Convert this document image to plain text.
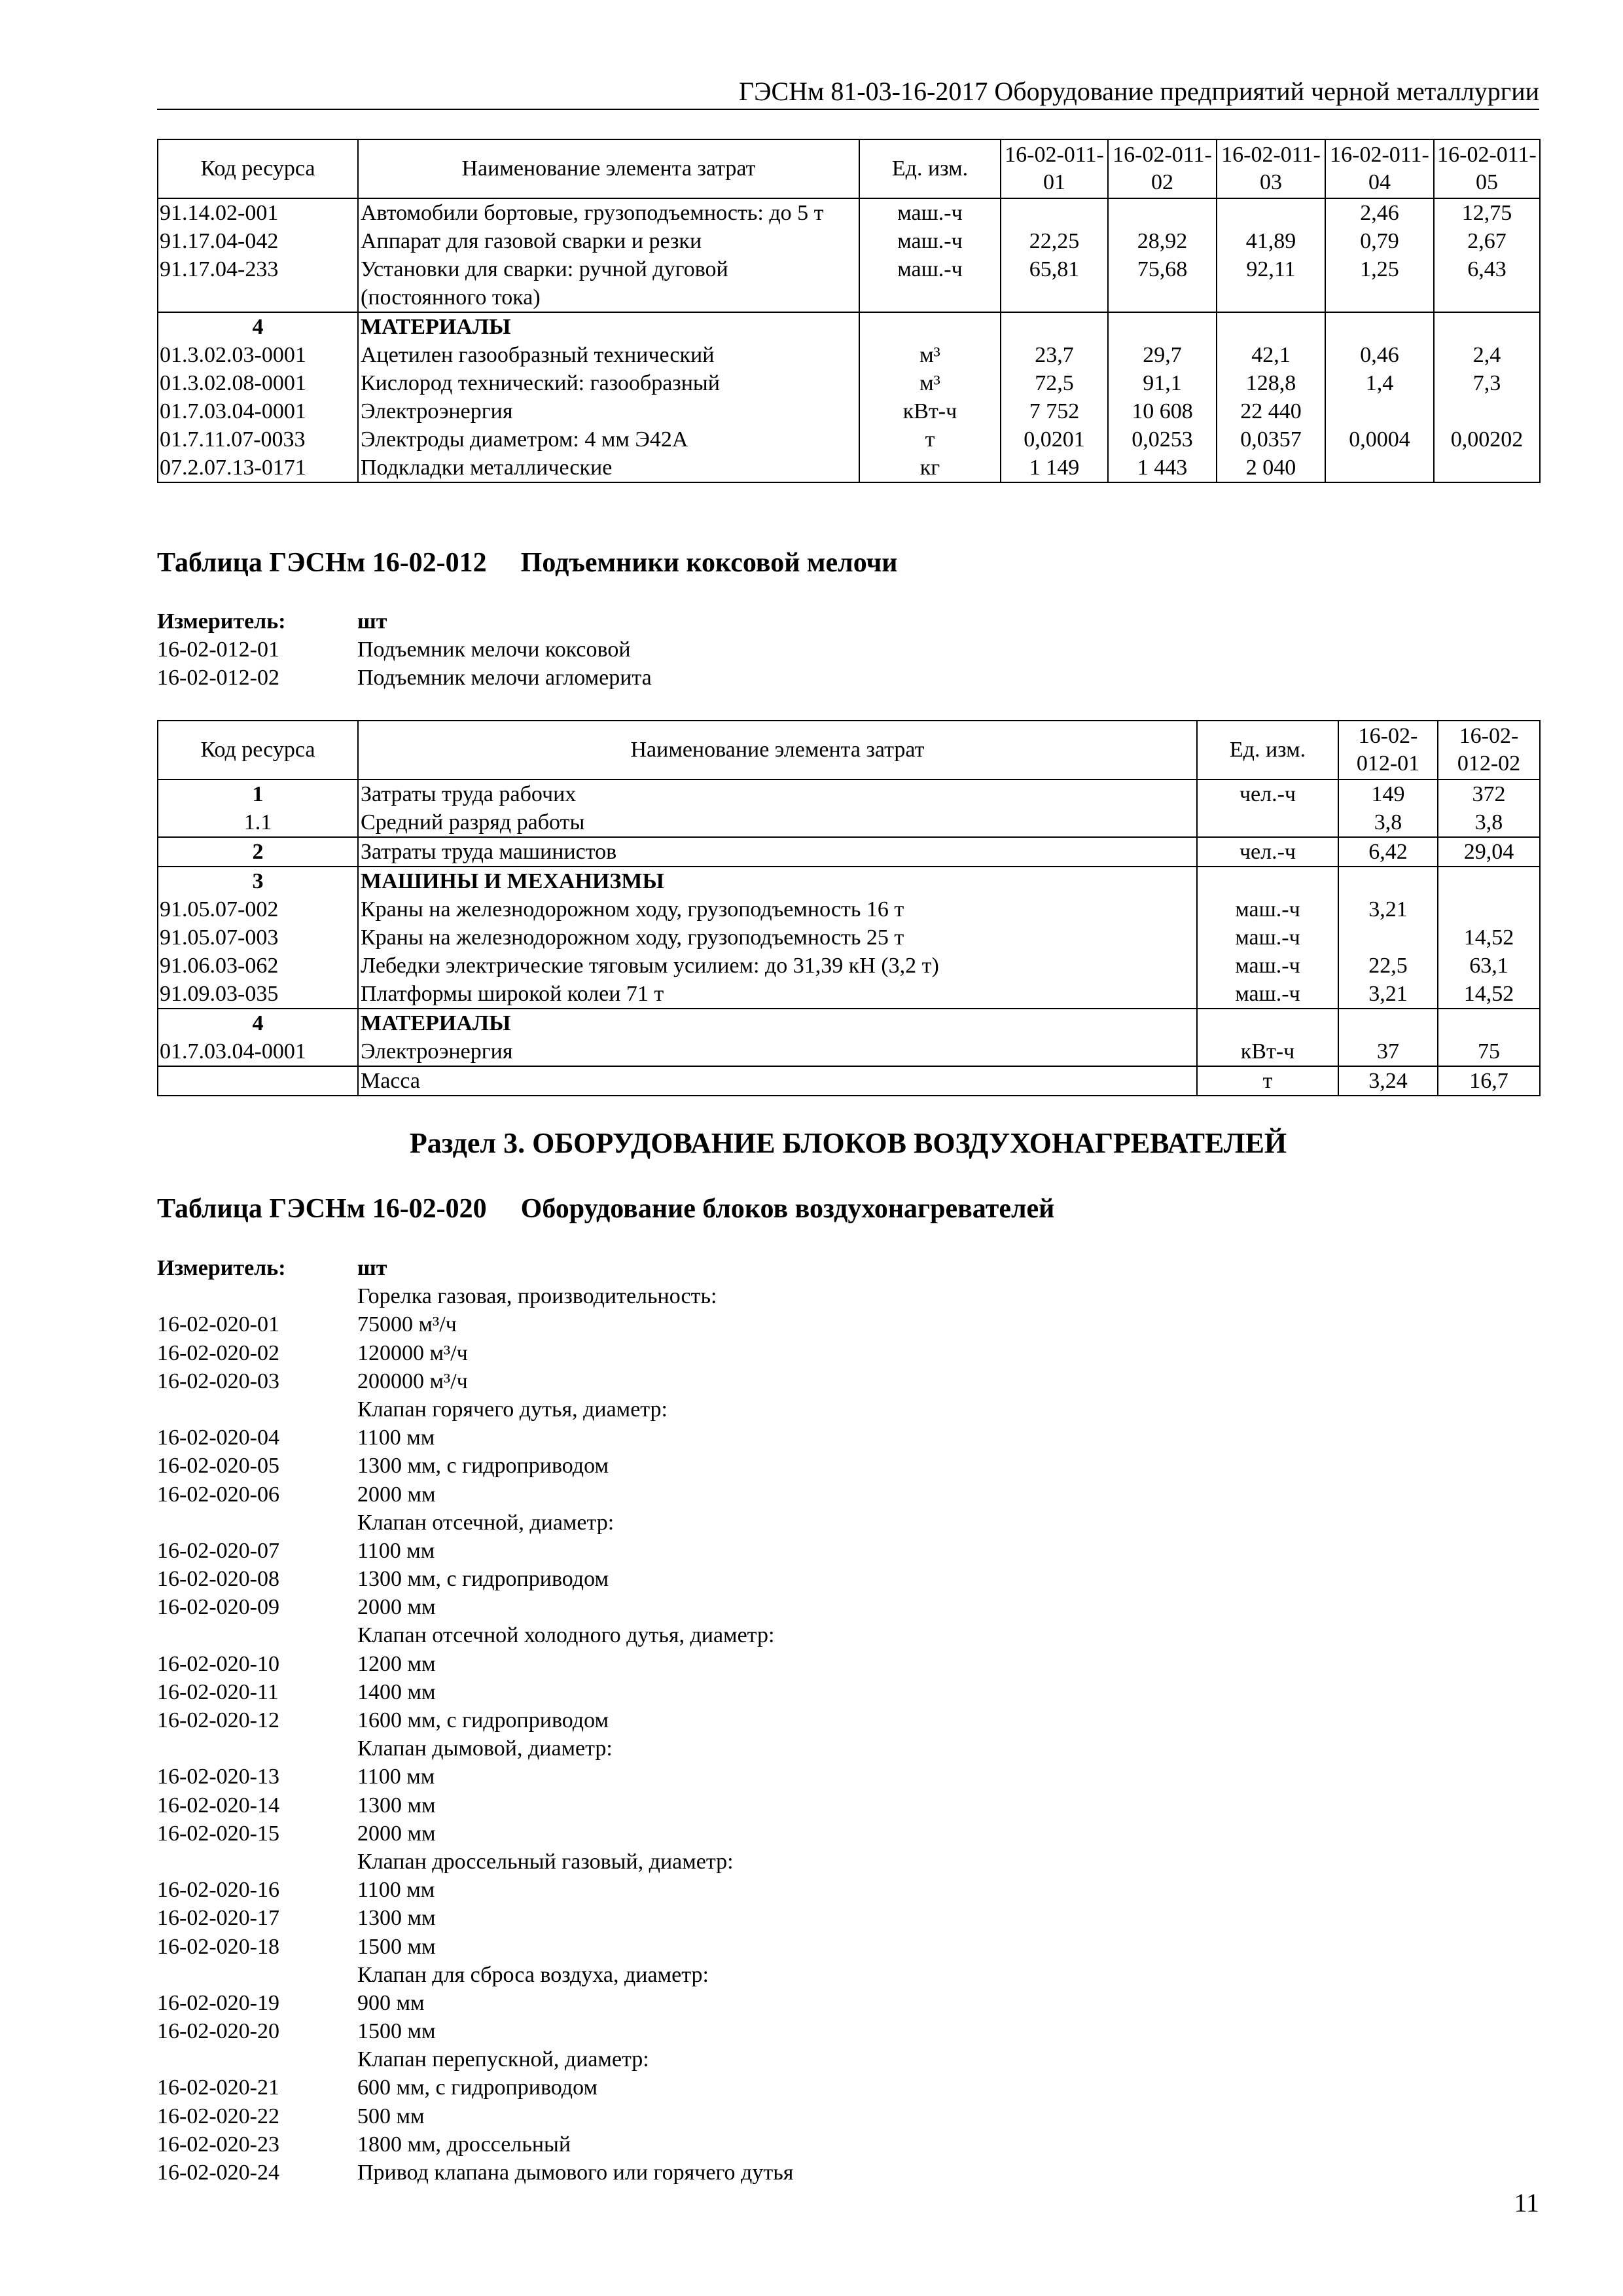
ГЭСНм 81-03-16-2017 Оборудование предприятий черной металлургии
Код ресурса	Наименование элемента затрат	Ед. изм.	16-02-011-01	16-02-011-02	16-02-011-03	16-02-011-04	16-02-011-05
91.14.02-001	Автомобили бортовые, грузоподъемность: до 5 т	маш.-ч				2,46	12,75
91.17.04-042	Аппарат для газовой сварки и резки	маш.-ч	22,25	28,92	41,89	0,79	2,67
91.17.04-233	Установки для сварки: ручной дуговой (постоянного тока)	маш.-ч	65,81	75,68	92,11	1,25	6,43
4	МАТЕРИАЛЫ						
01.3.02.03-0001	Ацетилен газообразный технический	м³	23,7	29,7	42,1	0,46	2,4
01.3.02.08-0001	Кислород технический: газообразный	м³	72,5	91,1	128,8	1,4	7,3
01.7.03.04-0001	Электроэнергия	кВт-ч	7 752	10 608	22 440		
01.7.11.07-0033	Электроды диаметром: 4 мм Э42А	т	0,0201	0,0253	0,0357	0,0004	0,00202
07.2.07.13-0171	Подкладки металлические	кг	1 149	1 443	2 040		
Таблица ГЭСНм 16-02-012 Подъемники коксовой мелочи
Измеритель:	шт
16-02-012-01	Подъемник мелочи коксовой
16-02-012-02	Подъемник мелочи агломерита
Код ресурса	Наименование элемента затрат	Ед. изм.	16-02-012-01	16-02-012-02
1	Затраты труда рабочих	чел.-ч	149	372
1.1	Средний разряд работы		3,8	3,8
2	Затраты труда машинистов	чел.-ч	6,42	29,04
3	МАШИНЫ И МЕХАНИЗМЫ			
91.05.07-002	Краны на железнодорожном ходу, грузоподъемность 16 т	маш.-ч	3,21	
91.05.07-003	Краны на железнодорожном ходу, грузоподъемность 25 т	маш.-ч		14,52
91.06.03-062	Лебедки электрические тяговым усилием: до 31,39 кН (3,2 т)	маш.-ч	22,5	63,1
91.09.03-035	Платформы широкой колеи 71 т	маш.-ч	3,21	14,52
4	МАТЕРИАЛЫ			
01.7.03.04-0001	Электроэнергия	кВт-ч	37	75
	Масса	т	3,24	16,7
Раздел 3. ОБОРУДОВАНИЕ БЛОКОВ ВОЗДУХОНАГРЕВАТЕЛЕЙ
Таблица ГЭСНм 16-02-020 Оборудование блоков воздухонагревателей
Измеритель:	шт
Горелка газовая, производительность:
16-02-020-01	75000 м³/ч
16-02-020-02	120000 м³/ч
16-02-020-03	200000 м³/ч
Клапан горячего дутья, диаметр:
16-02-020-04	1100 мм
16-02-020-05	1300 мм, с гидроприводом
16-02-020-06	2000 мм
Клапан отсечной, диаметр:
16-02-020-07	1100 мм
16-02-020-08	1300 мм, с гидроприводом
16-02-020-09	2000 мм
Клапан отсечной холодного дутья, диаметр:
16-02-020-10	1200 мм
16-02-020-11	1400 мм
16-02-020-12	1600 мм, с гидроприводом
Клапан дымовой, диаметр:
16-02-020-13	1100 мм
16-02-020-14	1300 мм
16-02-020-15	2000 мм
Клапан дроссельный газовый, диаметр:
16-02-020-16	1100 мм
16-02-020-17	1300 мм
16-02-020-18	1500 мм
Клапан для сброса воздуха, диаметр:
16-02-020-19	900 мм
16-02-020-20	1500 мм
Клапан перепускной, диаметр:
16-02-020-21	600 мм, с гидроприводом
16-02-020-22	500 мм
16-02-020-23	1800 мм, дроссельный
16-02-020-24	Привод клапана дымового или горячего дутья
11
